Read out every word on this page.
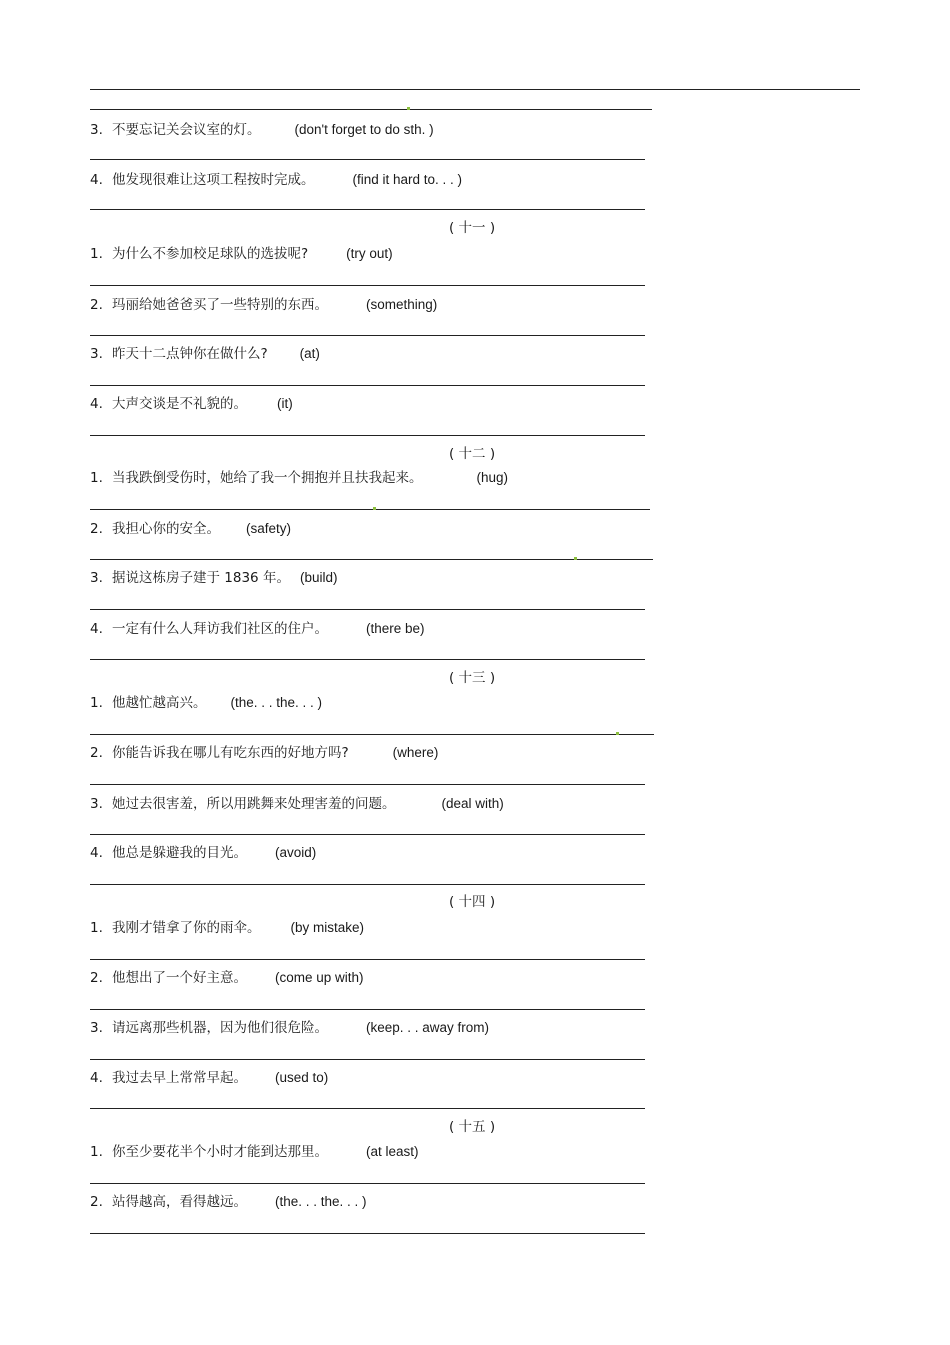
3. 不要忘记关会议室的灯。	(don't forget to do sth. )
4. 他发现很难让这项工程按时完成。	(find it hard to. . . )
( 十一 )
1. 为什么不参加校足球队的选拔呢?	(try out)
2. 玛丽给她爸爸买了一些特别的东西。	(something)
3. 昨天十二点钟你在做什么? (at)
4. 大声交谈是不礼貌的。 (it)
( 十二 )
1. 当我跌倒受伤时，她给了我一个拥抱并且扶我起来。	(hug)
2. 我担心你的安全。 (safety)
3. 据说这栋房子建于 1836 年。 (build)
4. 一定有什么人拜访我们社区的住户。	(there be)
( 十三 )
1. 他越忙越高兴。 (the. . . the. . . )
2. 你能告诉我在哪儿有吃东西的好地方吗?	(where)
3. 她过去很害羞，所以用跳舞来处理害羞的问题。	(deal with)
4. 他总是躲避我的目光。 (avoid)
( 十四 )
1. 我刚才错拿了你的雨伞。 (by mistake)
2. 他想出了一个好主意。 (come up with)
3. 请远离那些机器，因为他们很危险。	(keep. . . away from)
4. 我过去早上常常早起。 (used to)
( 十五 )
1. 你至少要花半个小时才能到达那里。	(at least)
2. 站得越高，看得越远。 (the. . . the. . . )
